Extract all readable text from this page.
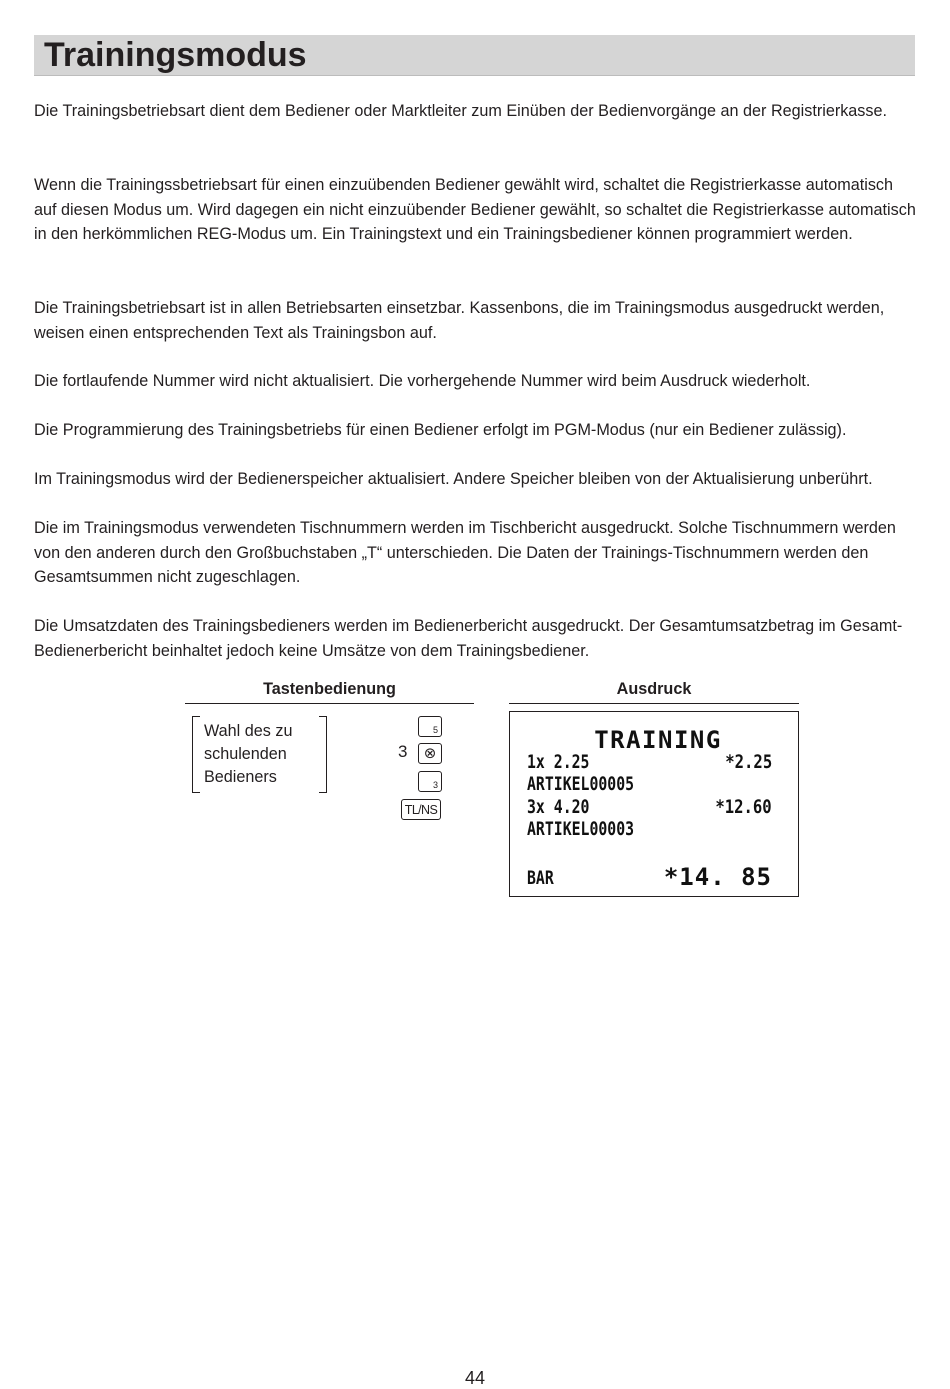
Trainingsmodus

Die Trainingsbetriebsart dient dem Bediener oder Marktleiter zum Einüben der Bedienvorgänge an der Registrierkasse.

Wenn die Trainingssbetriebsart für einen einzuübenden Bediener gewählt wird, schaltet die Registrierkasse automatisch auf diesen Modus um. Wird dagegen ein nicht einzuübender Bediener gewählt, so schaltet die Registrierkasse automatisch in den herkömmlichen REG-Modus um. Ein Trainingstext und ein Trainingsbediener können programmiert werden.

Die Trainingsbetriebsart ist in allen Betriebsarten einsetzbar. Kassenbons, die im Trainingsmodus ausgedruckt werden, weisen einen entsprechenden Text als Trainingsbon auf.

Die fortlaufende Nummer wird nicht aktualisiert. Die vorhergehende Nummer wird beim Ausdruck wiederholt.

Die Programmierung des Trainingsbetriebs für einen Bediener erfolgt im PGM-Modus (nur ein Bediener zulässig).

Im Trainingsmodus wird der Bedienerspeicher aktualisiert. Andere Speicher bleiben von der Aktualisierung unberührt.

Die im Trainingsmodus verwendeten Tischnummern werden im Tischbericht ausgedruckt. Solche Tischnummern werden von den anderen durch den Großbuchstaben „T“ unterschieden. Die Daten der Trainings-Tischnummern werden den Gesamtsummen nicht zugeschlagen.

Die Umsatzdaten des Trainingsbedieners werden im Bedienerbericht ausgedruckt. Der Gesamtumsatzbetrag im Gesamt-Bedienerbericht beinhaltet jedoch keine Umsätze von dem Trainingsbediener.

Tastenbedienung	Ausdruck
Wahl des zu
schulenden
Bedieners
5
3	⊗
3
TL/NS
TRAINING
1x 2.25	*2.25
ARTIKEL00005
3x 4.20	*12.60
ARTIKEL00003
BAR	*14. 85
44
